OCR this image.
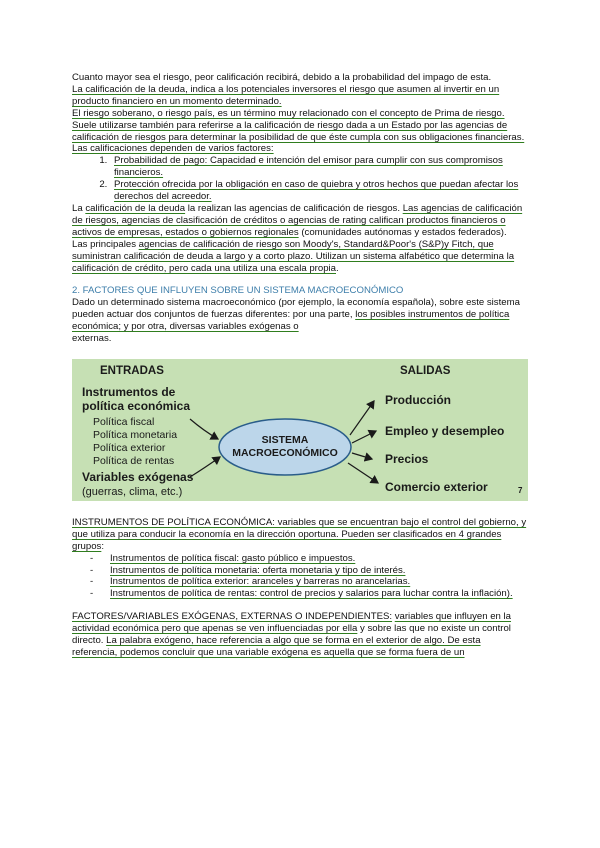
Cuanto mayor sea el riesgo, peor calificación recibirá, debido a la probabilidad del impago de esta.

La calificación de la deuda, indica a los potenciales inversores el riesgo que asumen al invertir en un producto financiero en un momento determinado.

El riesgo soberano, o riesgo país, es un término muy relacionado con el concepto de Prima de riesgo. Suele utilizarse también para referirse a la calificación de riesgo dada a un Estado por las agencias de calificación de riesgos para determinar la posibilidad de que éste cumpla con sus obligaciones financieras.

Las calificaciones dependen de varios factores:

1. Probabilidad de pago: Capacidad e intención del emisor para cumplir con sus compromisos financieros.
2. Protección ofrecida por la obligación en caso de quiebra y otros hechos que puedan afectar los derechos del acreedor.

La calificación de la deuda la realizan las agencias de calificación de riesgos. Las agencias de calificación de riesgos, agencias de clasificación de créditos o agencias de rating califican productos financieros o activos de empresas, estados o gobiernos regionales (comunidades autónomas y estados federados).

Las principales agencias de calificación de riesgo son Moody's, Standard&Poor's (S&P)y Fitch, que suministran calificación de deuda a largo y a corto plazo. Utilizan un sistema alfabético que determina la calificación de crédito, pero cada una utiliza una escala propia.

2. FACTORES QUE INFLUYEN SOBRE UN SISTEMA MACROECONÓMICO

Dado un determinado sistema macroeconómico (por ejemplo, la economía española), sobre este sistema pueden actuar dos conjuntos de fuerzas diferentes: por una parte, los posibles instrumentos de política económica; y por otra, diversas variables exógenas o
externas.

ENTRADAS	SALIDAS
Instrumentos de
política económica
Política fiscal
Política monetaria
Política exterior
Política de rentas
Variables exógenas
(guerras, clima, etc.)
SISTEMA
MACROECONÓMICO
Producción
Empleo y desempleo
Precios
Comercio exterior	7

INSTRUMENTOS DE POLÍTICA ECONÓMICA: variables que se encuentran bajo el control del gobierno, y que utiliza para conducir la economía en la dirección oportuna. Pueden ser clasificados en 4 grandes grupos:

- Instrumentos de política fiscal: gasto público e impuestos.
- Instrumentos de política monetaria: oferta monetaria y tipo de interés.
- Instrumentos de política exterior: aranceles y barreras no arancelarias.
- Instrumentos de política de rentas: control de precios y salarios para luchar contra la inflación).

FACTORES/VARIABLES EXÓGENAS, EXTERNAS O INDEPENDIENTES: variables que influyen en la actividad económica pero que apenas se ven influenciadas por ella y sobre las que no existe un control directo. La palabra exógeno, hace referencia a algo que se forma en el exterior de algo. De esta referencia, podemos concluir que una variable exógena es aquella que se forma fuera de un
